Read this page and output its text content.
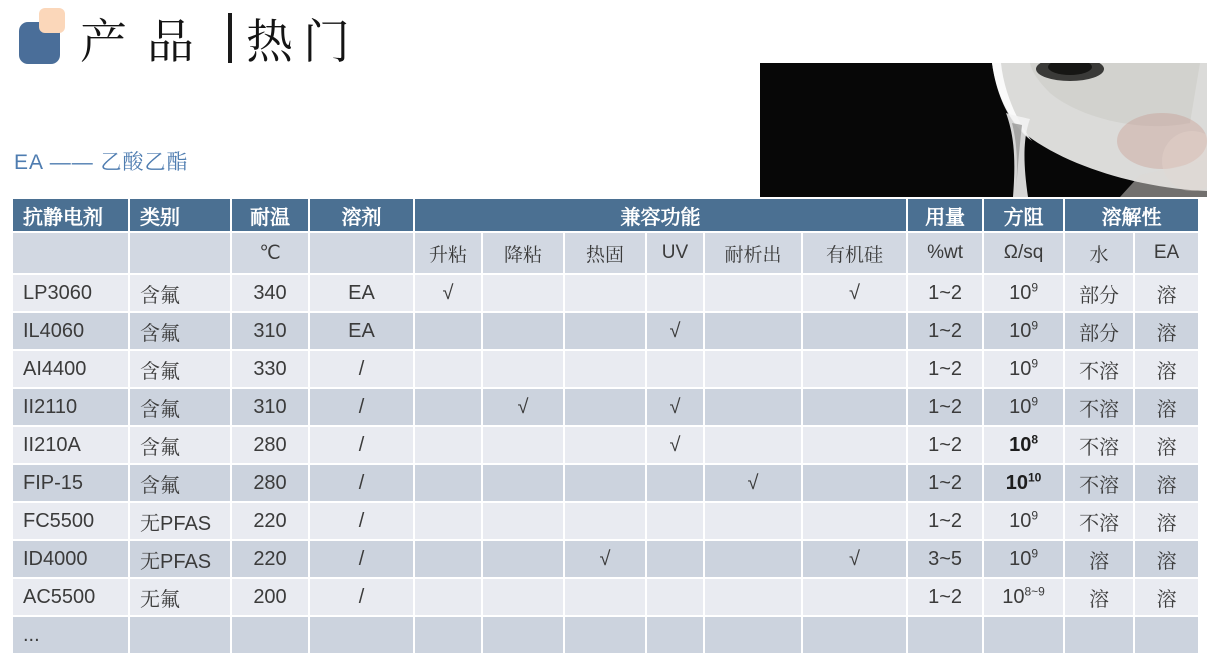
产品 热门
EA —— 乙酸乙酯
抗静电剂	类别	耐温	溶剂	兼容功能						用量	方阻	溶解性	
		℃		升粘	降粘	热固	UV	耐析出	有机硅	%wt	Ω/sq	水	EA
LP3060	含氟	340	EA	√					√	1~2	$10^9$	部分	溶
IL4060	含氟	310	EA				√			1~2	$10^9$	部分	溶
AI4400	含氟	330	/							1~2	$10^9$	不溶	溶
II2110	含氟	310	/		√		√			1~2	$10^9$	不溶	溶
II210A	含氟	280	/				√			1~2	$10^8$	不溶	溶
FIP-15	含氟	280	/					√		1~2	$10^{10}$	不溶	溶
FC5500	无PFAS	220	/							1~2	$10^9$	不溶	溶
ID4000	无PFAS	220	/			√			√	3~5	$10^9$	溶	溶
AC5500	无氟	200	/							1~2	$10^{8\sim 9}$	溶	溶
...													
